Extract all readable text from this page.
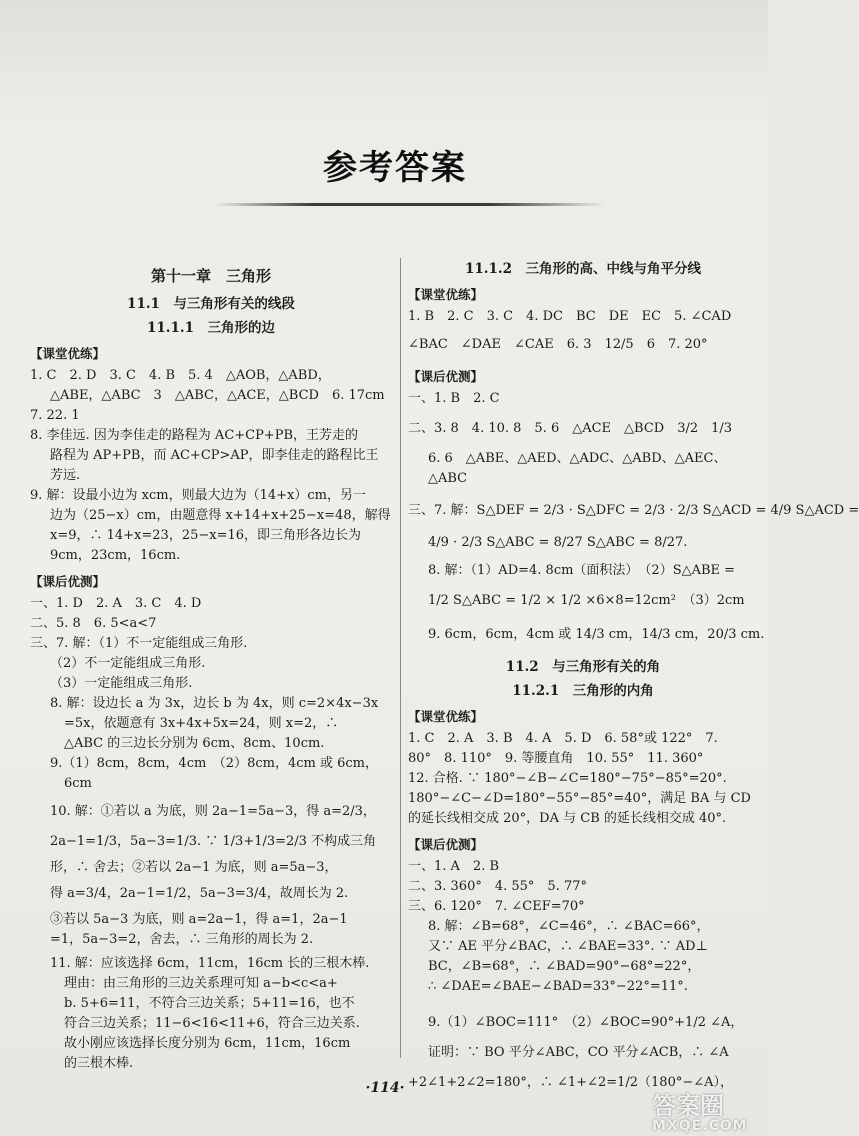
参考答案
第十一章　三角形
11.1　与三角形有关的线段
11.1.1　三角形的边
【课堂优练】
1. C　2. D　3. C　4. B　5. 4　△AOB，△ABD，
△ABE，△ABC　3　△ABC，△ACE，△BCD　6. 17cm
7. 22. 1
8. 李佳远. 因为李佳走的路程为 AC+CP+PB，王芳走的
路程为 AP+PB，而 AC+CP>AP，即李佳走的路程比王
芳远.
9. 解：设最小边为 xcm，则最大边为（14+x）cm，另一
边为（25−x）cm，由题意得 x+14+x+25−x=48，解得
x=9，∴ 14+x=23，25−x=16，即三角形各边长为
9cm，23cm，16cm.
【课后优测】
一、1. D　2. A　3. C　4. D
二、5. 8　6. 5<a<7
三、7. 解：（1）不一定能组成三角形.
（2）不一定能组成三角形.
（3）一定能组成三角形.
8. 解：设边长 a 为 3x，边长 b 为 4x，则 c=2×4x−3x
=5x，依题意有 3x+4x+5x=24，则 x=2，∴
△ABC 的三边长分别为 6cm、8cm、10cm.
9.（1）8cm，8cm，4cm　（2）8cm，4cm 或 6cm，
6cm
10. 解：①若以 a 为底，则 2a−1=5a−3，得 a=2/3，
2a−1=1/3，5a−3=1/3. ∵ 1/3+1/3=2/3 不构成三角
形，∴ 舍去；②若以 2a−1 为底，则 a=5a−3，
得 a=3/4，2a−1=1/2，5a−3=3/4，故周长为 2.
③若以 5a−3 为底，则 a=2a−1，得 a=1，2a−1
=1，5a−3=2，舍去，∴ 三角形的周长为 2.
11. 解：应该选择 6cm，11cm，16cm 长的三根木棒.
理由：由三角形的三边关系理可知 a−b<c<a+
b. 5+6=11，不符合三边关系；5+11=16，也不
符合三边关系；11−6<16<11+6，符合三边关系.
故小刚应该选择长度分别为 6cm，11cm，16cm
的三根木棒.
11.1.2　三角形的高、中线与角平分线
【课堂优练】
1. B　2. C　3. C　4. DC　BC　DE　EC　5. ∠CAD
∠BAC　∠DAE　∠CAE　6. 3　12/5　6　7. 20°
【课后优测】
一、1. B　2. C
二、3. 8　4. 10. 8　5. 6　△ACE　△BCD　3/2　1/3
6. 6　△ABE、△AED、△ADC、△ABD、△AEC、
△ABC
三、7. 解：S△DEF = 2/3 · S△DFC = 2/3 · 2/3 S△ACD = 4/9 S△ACD =
4/9 · 2/3 S△ABC = 8/27 S△ABC = 8/27.
8. 解：（1）AD=4. 8cm（面积法）　（2）S△ABE =
1/2 S△ABC = 1/2 × 1/2 ×6×8=12cm²　（3）2cm
9. 6cm，6cm，4cm 或 14/3 cm，14/3 cm，20/3 cm.
11.2　与三角形有关的角
11.2.1　三角形的内角
【课堂优练】
1. C　2. A　3. B　4. A　5. D　6. 58°或 122°　7.
80°　8. 110°　9. 等腰直角　10. 55°　11. 360°
12. 合格. ∵ 180°−∠B−∠C=180°−75°−85°=20°.
180°−∠C−∠D=180°−55°−85°=40°，满足 BA 与 CD
的延长线相交成 20°，DA 与 CB 的延长线相交成 40°.
【课后优测】
一、1. A　2. B
二、3. 360°　4. 55°　5. 77°
三、6. 120°　7. ∠CEF=70°
8. 解：∠B=68°，∠C=46°，∴ ∠BAC=66°，
又∵ AE 平分∠BAC，∴ ∠BAE=33°. ∵ AD⊥
BC，∠B=68°，∴ ∠BAD=90°−68°=22°，
∴ ∠DAE=∠BAE−∠BAD=33°−22°=11°.
9.（1）∠BOC=111°　（2）∠BOC=90°+1/2 ∠A，
证明：∵ BO 平分∠ABC，CO 平分∠ACB，∴ ∠A
+2∠1+2∠2=180°，∴ ∠1+∠2=1/2（180°−∠A），
·114·
答案圈
MXQE.COM
